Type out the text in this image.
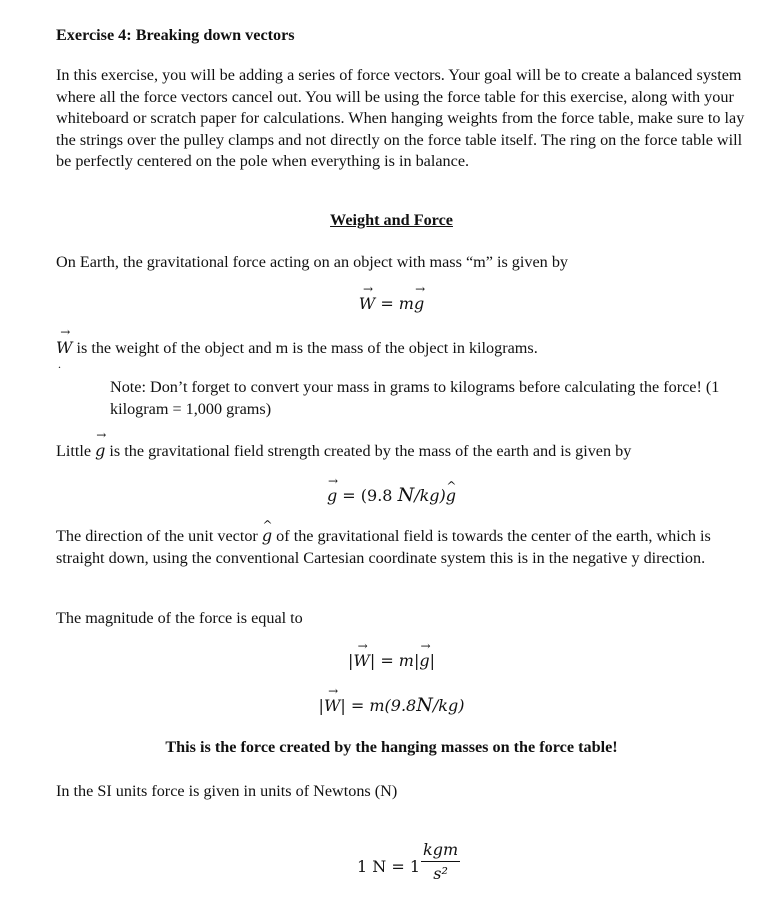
Exercise 4: Breaking down vectors
In this exercise, you will be adding a series of force vectors. Your goal will be to create a balanced system where all the force vectors cancel out. You will be using the force table for this exercise, along with your whiteboard or scratch paper for calculations. When hanging weights from the force table, make sure to lay the strings over the pulley clamps and not directly on the force table itself. The ring on the force table will be perfectly centered on the pole when everything is in balance.
Weight and Force
On Earth, the gravitational force acting on an object with mass “m” is given by
→ W = m→ g
→ W is the weight of the object and m is the mass of the object in kilograms.
.
Note: Don’t forget to convert your mass in grams to kilograms before calculating the force! (1 kilogram = 1,000 grams)
Little → g is the gravitational field strength created by the mass of the earth and is given by
→ g = (9.8 N/kg)^ g
The direction of the unit vector ^ g of the gravitational field is towards the center of the earth, which is straight down, using the conventional Cartesian coordinate system this is in the negative y direction.
The magnitude of the force is equal to
|→ W| = m|→ g|
|→ W| = m(9.8N/kg)
This is the force created by the hanging masses on the force table!
In the SI units force is given in units of Newtons (N)
1 N = 1
kgm
s²
